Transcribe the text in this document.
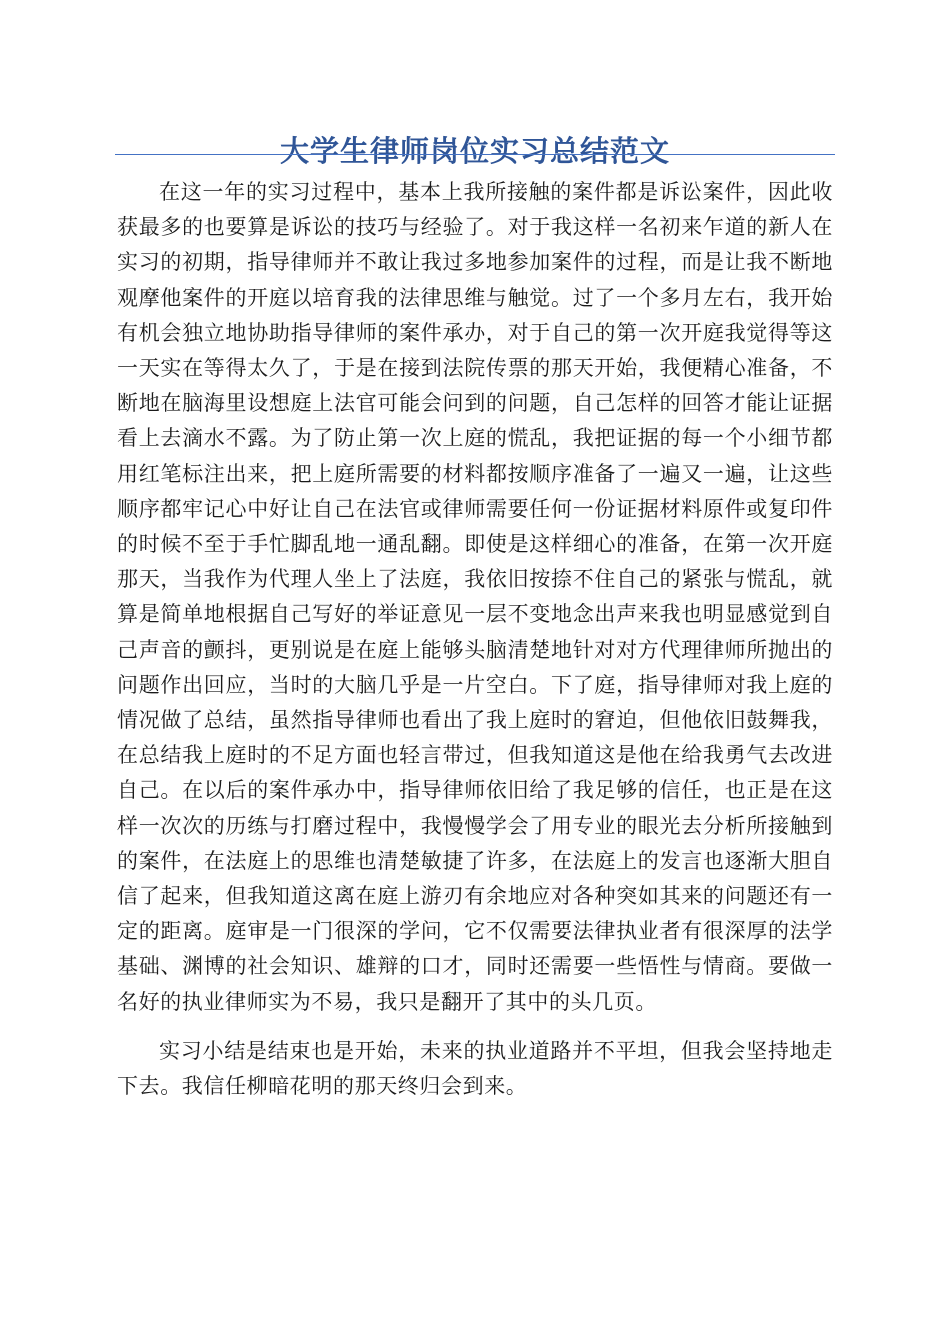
大学生律师岗位实习总结范文

在这一年的实习过程中，基本上我所接触的案件都是诉讼案件，因此收获最多的也要算是诉讼的技巧与经验了。对于我这样一名初来乍道的新人在实习的初期，指导律师并不敢让我过多地参加案件的过程，而是让我不断地观摩他案件的开庭以培育我的法律思维与触觉。过了一个多月左右，我开始有机会独立地协助指导律师的案件承办，对于自己的第一次开庭我觉得等这一天实在等得太久了，于是在接到法院传票的那天开始，我便精心准备，不断地在脑海里设想庭上法官可能会问到的问题，自己怎样的回答才能让证据看上去滴水不露。为了防止第一次上庭的慌乱，我把证据的每一个小细节都用红笔标注出来，把上庭所需要的材料都按顺序准备了一遍又一遍，让这些顺序都牢记心中好让自己在法官或律师需要任何一份证据材料原件或复印件的时候不至于手忙脚乱地一通乱翻。即使是这样细心的准备，在第一次开庭那天，当我作为代理人坐上了法庭，我依旧按捺不住自己的紧张与慌乱，就算是简单地根据自己写好的举证意见一层不变地念出声来我也明显感觉到自己声音的颤抖，更别说是在庭上能够头脑清楚地针对对方代理律师所抛出的问题作出回应，当时的大脑几乎是一片空白。下了庭，指导律师对我上庭的情况做了总结，虽然指导律师也看出了我上庭时的窘迫，但他依旧鼓舞我，在总结我上庭时的不足方面也轻言带过，但我知道这是他在给我勇气去改进自己。在以后的案件承办中，指导律师依旧给了我足够的信任，也正是在这样一次次的历练与打磨过程中，我慢慢学会了用专业的眼光去分析所接触到的案件，在法庭上的思维也清楚敏捷了许多，在法庭上的发言也逐渐大胆自信了起来，但我知道这离在庭上游刃有余地应对各种突如其来的问题还有一定的距离。庭审是一门很深的学问，它不仅需要法律执业者有很深厚的法学基础、渊博的社会知识、雄辩的口才，同时还需要一些悟性与情商。要做一名好的执业律师实为不易，我只是翻开了其中的头几页。

实习小结是结束也是开始，未来的执业道路并不平坦，但我会坚持地走下去。我信任柳暗花明的那天终归会到来。
